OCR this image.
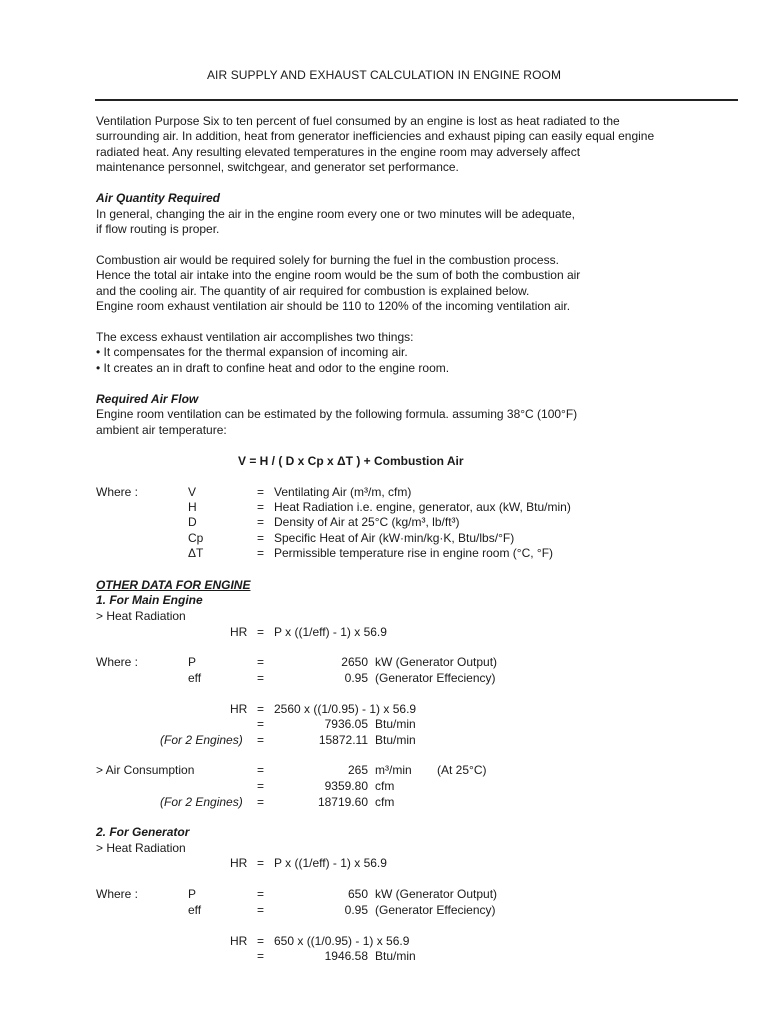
AIR SUPPLY AND EXHAUST CALCULATION IN ENGINE ROOM
Ventilation Purpose Six to ten percent of fuel consumed by an engine is lost as heat radiated to the
surrounding air. In addition, heat from generator inefficiencies and exhaust piping can easily equal engine
radiated heat. Any resulting elevated temperatures in the engine room may adversely affect
maintenance personnel, switchgear, and generator set performance.
Air Quantity Required
In general, changing the air in the engine room every one or two minutes will be adequate,
if flow routing is proper.
Combustion air would be required solely for burning the fuel in the combustion process.
Hence the total air intake into the engine room would be the sum of both the combustion air
and the cooling air. The quantity of air required for combustion is explained below.
Engine room exhaust ventilation air should be 110 to 120% of the incoming ventilation air.
The excess exhaust ventilation air accomplishes two things:
• It compensates for the thermal expansion of incoming air.
• It creates an in draft to confine heat and odor to the engine room.
Required Air Flow
Engine room ventilation can be estimated by the following formula. assuming 38°C (100°F)
ambient air temperature:
V = H / ( D x Cp x ΔT ) + Combustion Air
Where :	V	= Ventilating Air (m³/m, cfm)
H	= Heat Radiation i.e. engine, generator, aux (kW, Btu/min)
D	= Density of Air at 25°C (kg/m³, lb/ft³)
Cp	= Specific Heat of Air (kW·min/kg·K, Btu/lbs/°F)
ΔT	= Permissible temperature rise in engine room (°C, °F)
OTHER DATA FOR ENGINE
1. For Main Engine
> Heat Radiation
HR = P x ((1/eff) - 1) x 56.9
Where :	P	=	2650 kW (Generator Output)
eff	=	0.95 (Generator Effeciency)
HR = 2560 x ((1/0.95) - 1) x 56.9
=	7936.05 Btu/min
(For 2 Engines) =	15872.11 Btu/min
> Air Consumption	=	265 m³/min (At 25°C)
=	9359.80 cfm
(For 2 Engines) =	18719.60 cfm
2. For Generator
> Heat Radiation
HR = P x ((1/eff) - 1) x 56.9
Where :	P	=	650 kW (Generator Output)
eff	=	0.95 (Generator Effeciency)
HR = 650 x ((1/0.95) - 1) x 56.9
=	1946.58 Btu/min
